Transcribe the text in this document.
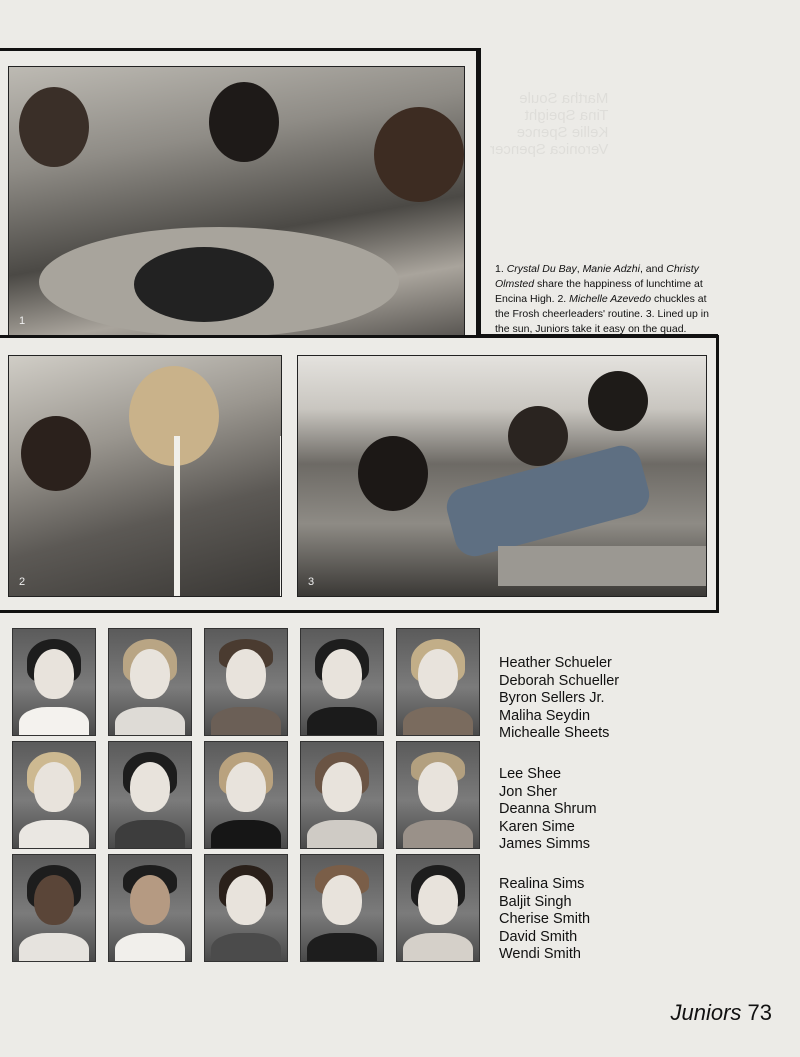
Martha Soule
Tina Speight
Kellie Spence
Veronica Spencer
1
1. Crystal Du Bay, Manie Adzhi, and Christy Olmsted share the happiness of lunchtime at Encina High. 2. Michelle Azevedo chuckles at the Frosh cheerleaders' routine. 3. Lined up in the sun, Juniors take it easy on the quad.
2	3
Heather Schueler
Deborah Schueller
Byron Sellers Jr.
Maliha Seydin
Michealle Sheets
Lee Shee
Jon Sher
Deanna Shrum
Karen Sime
James Simms
Realina Sims
Baljit Singh
Cherise Smith
David Smith
Wendi Smith
Juniors 73
